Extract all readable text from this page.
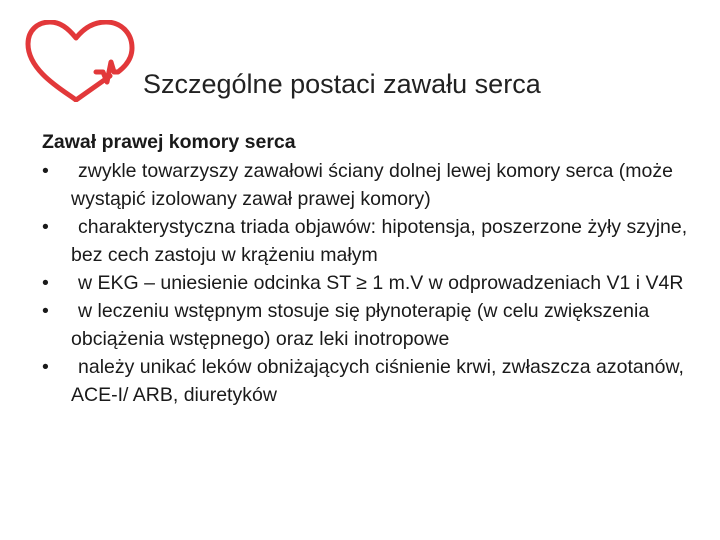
Szczególne postaci zawału serca
Zawał prawej komory serca
•	zwykle towarzyszy zawałowi ściany dolnej lewej komory serca (może wystąpić izolowany zawał prawej komory)
•	charakterystyczna triada objawów: hipotensja, poszerzone żyły szyjne, bez cech zastoju w krążeniu małym
•	w EKG – uniesienie odcinka ST ≥ 1 m.V w odprowadzeniach V1 i V4R
•	w leczeniu wstępnym stosuje się płynoterapię (w celu zwiększenia obciążenia wstępnego) oraz leki inotropowe
•	należy unikać leków obniżających ciśnienie krwi, zwłaszcza azotanów, ACE-I/ ARB, diuretyków
